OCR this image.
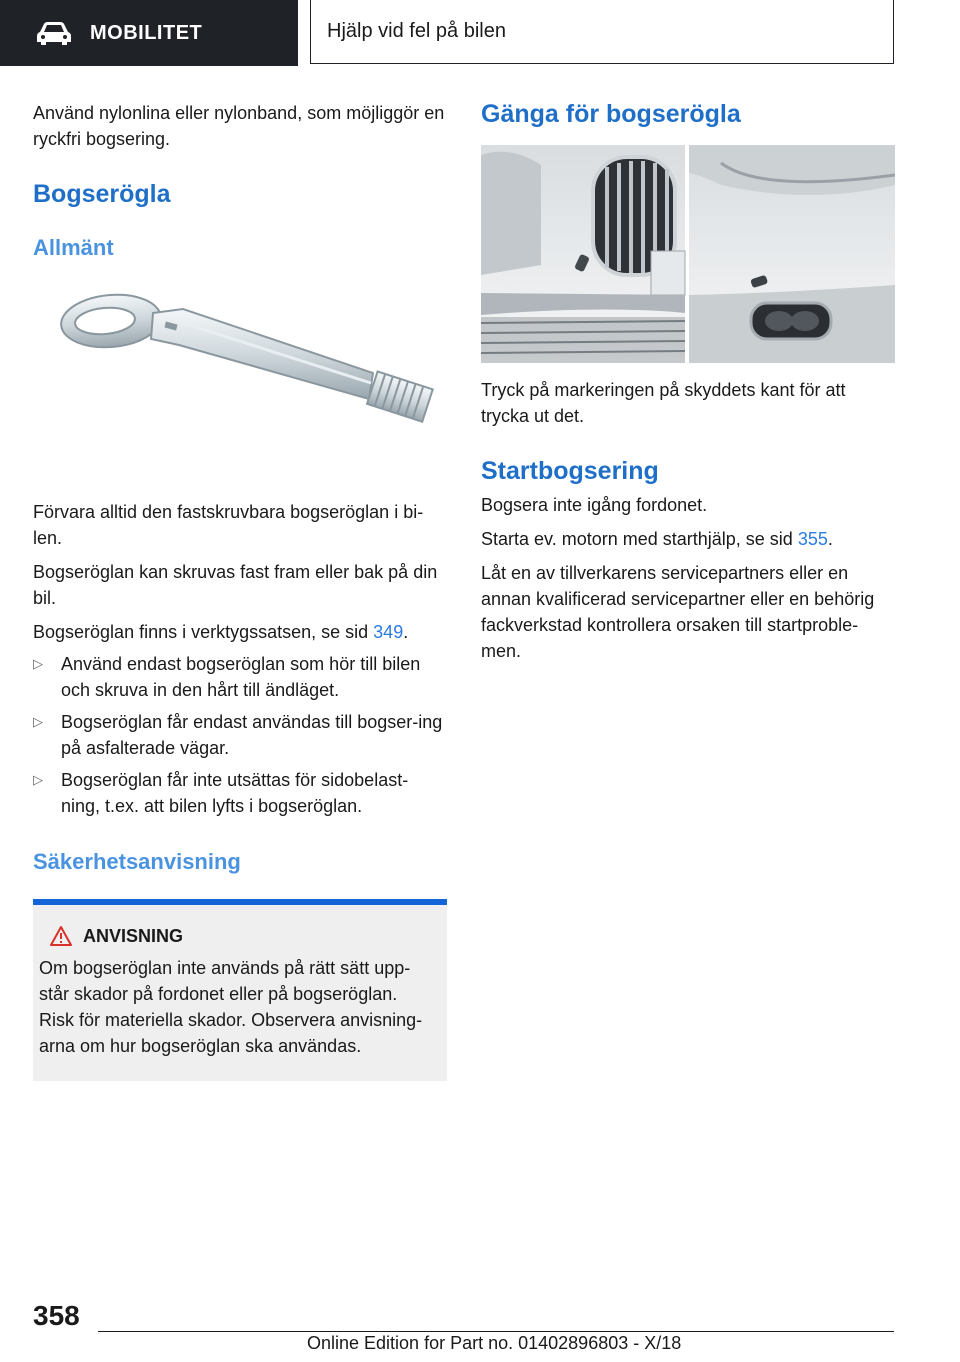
MOBILITET	Hjälp vid fel på bilen

Använd nylonlina eller nylonband, som möjliggör en ryckfri bogsering.

Bogserögla
Allmänt

Förvara alltid den fastskruvbara bogseröglan i bi-len.

Bogseröglan kan skruvas fast fram eller bak på din bil.

Bogseröglan finns i verktygssatsen, se sid 349.

▷ Använd endast bogseröglan som hör till bilen och skruva in den hårt till ändläget.
▷ Bogseröglan får endast användas till bogser-ing på asfalterade vägar.
▷ Bogseröglan får inte utsättas för sidobelast-ning, t.ex. att bilen lyfts i bogseröglan.
Säkerhetsanvisning
ANVISNING

Om bogseröglan inte används på rätt sätt upp-står skador på fordonet eller på bogseröglan. Risk för materiella skador. Observera anvisning-arna om hur bogseröglan ska användas.

Gänga för bogserögla

Tryck på markeringen på skyddets kant för att trycka ut det.

Startbogsering

Bogsera inte igång fordonet.

Starta ev. motorn med starthjälp, se sid 355.

Låt en av tillverkarens servicepartners eller en annan kvalificerad servicepartner eller en behörig fackverkstad kontrollera orsaken till startproble-men.

358
Online Edition for Part no. 01402896803 - X/18
